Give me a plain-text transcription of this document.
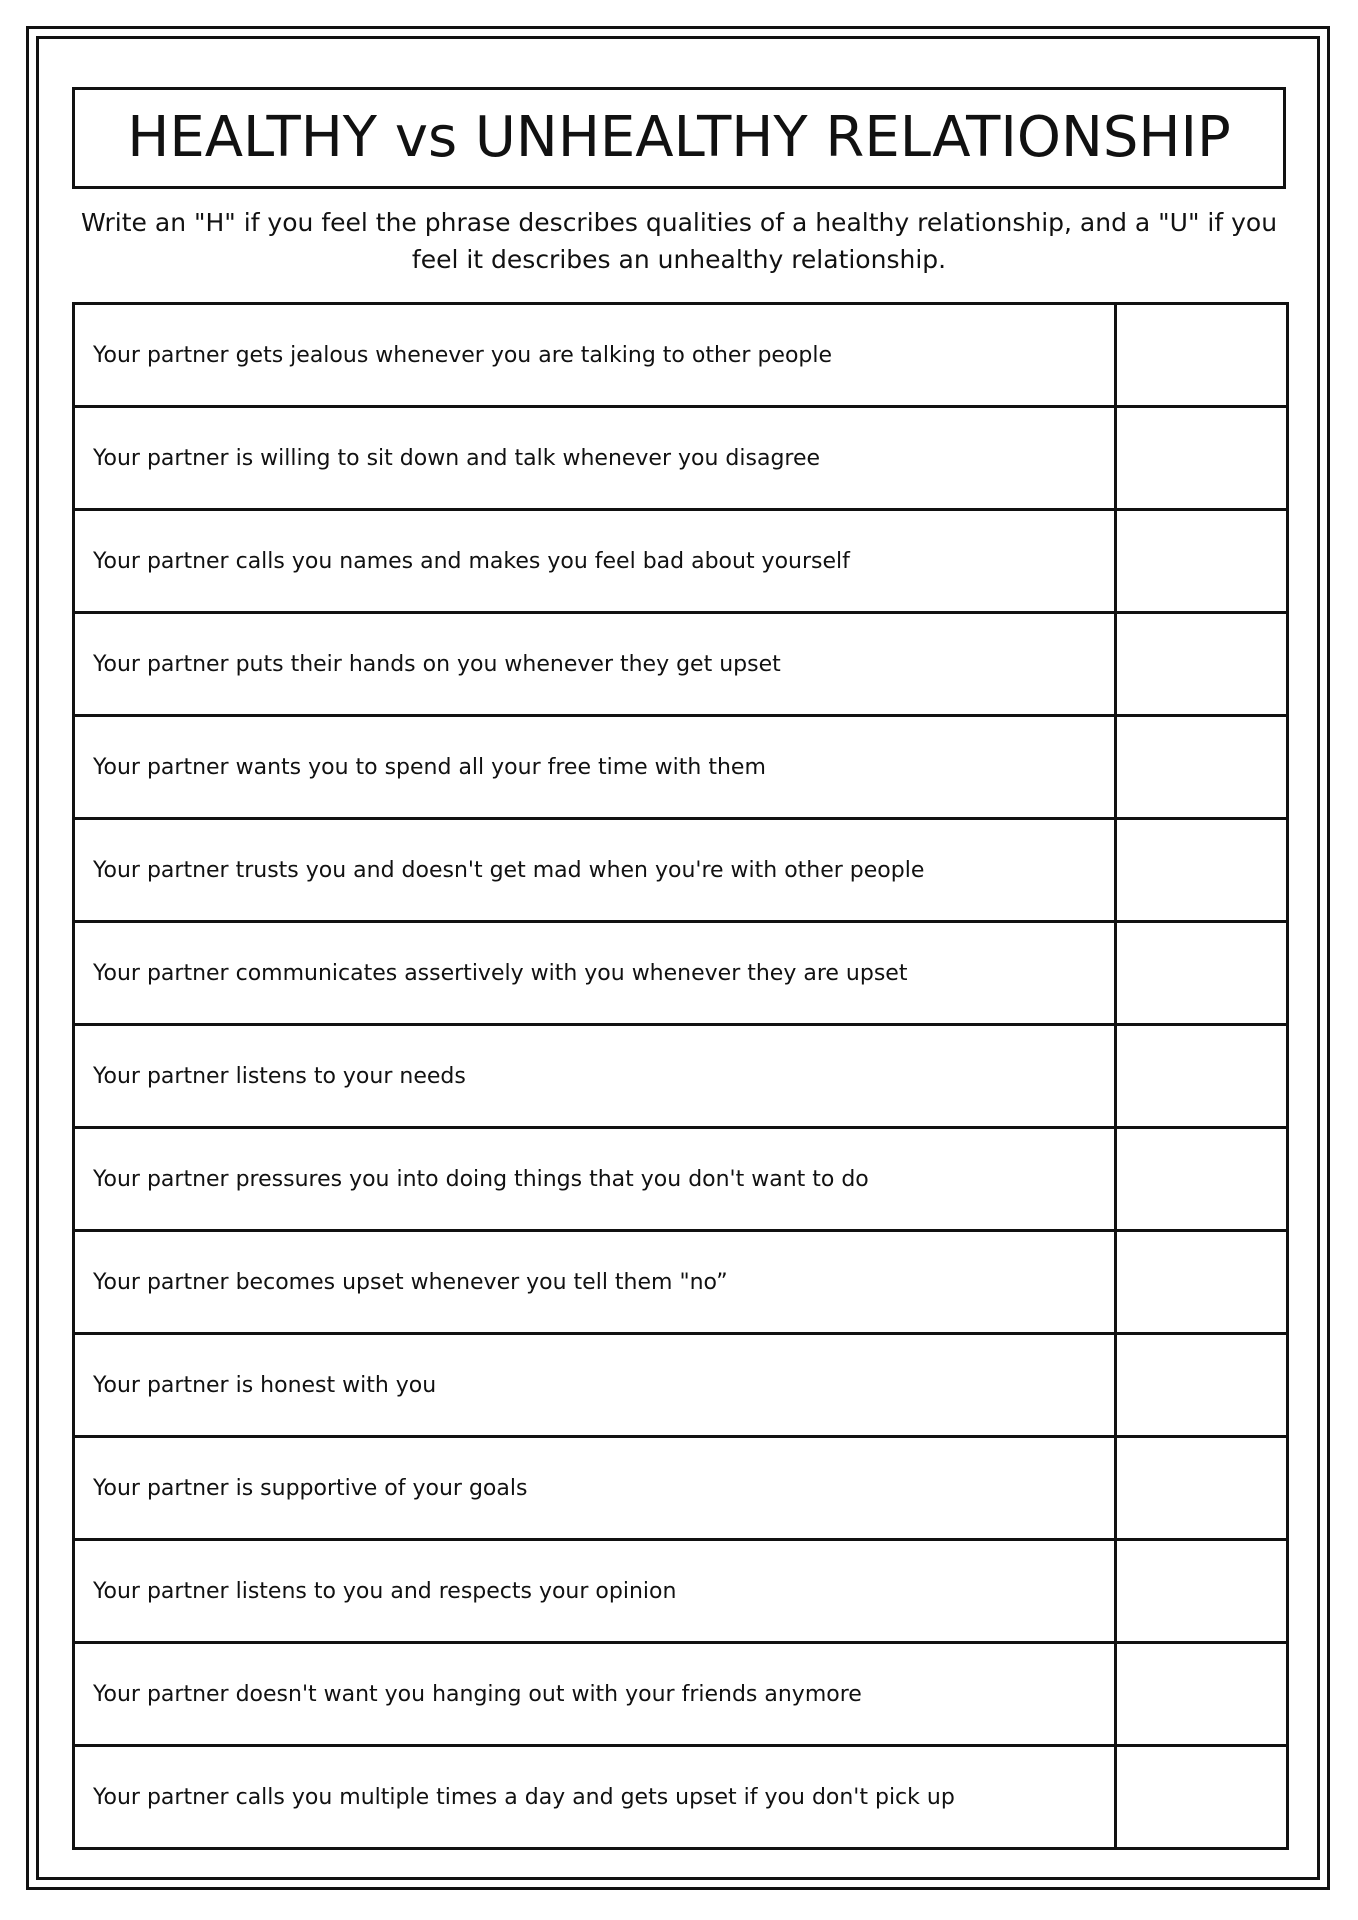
HEALTHY vs UNHEALTHY RELATIONSHIP
Write an "H" if you feel the phrase describes qualities of a healthy relationship, and a "U" if you feel it describes an unhealthy relationship.
Your partner gets jealous whenever you are talking to other people	
Your partner is willing to sit down and talk whenever you disagree	
Your partner calls you names and makes you feel bad about yourself	
Your partner puts their hands on you whenever they get upset	
Your partner wants you to spend all your free time with them	
Your partner trusts you and doesn't get mad when you're with other people	
Your partner communicates assertively with you whenever they are upset	
Your partner listens to your needs	
Your partner pressures you into doing things that you don't want to do	
Your partner becomes upset whenever you tell them "no”	
Your partner is honest with you	
Your partner is supportive of your goals	
Your partner listens to you and respects your opinion	
Your partner doesn't want you hanging out with your friends anymore	
Your partner calls you multiple times a day and gets upset if you don't pick up	
